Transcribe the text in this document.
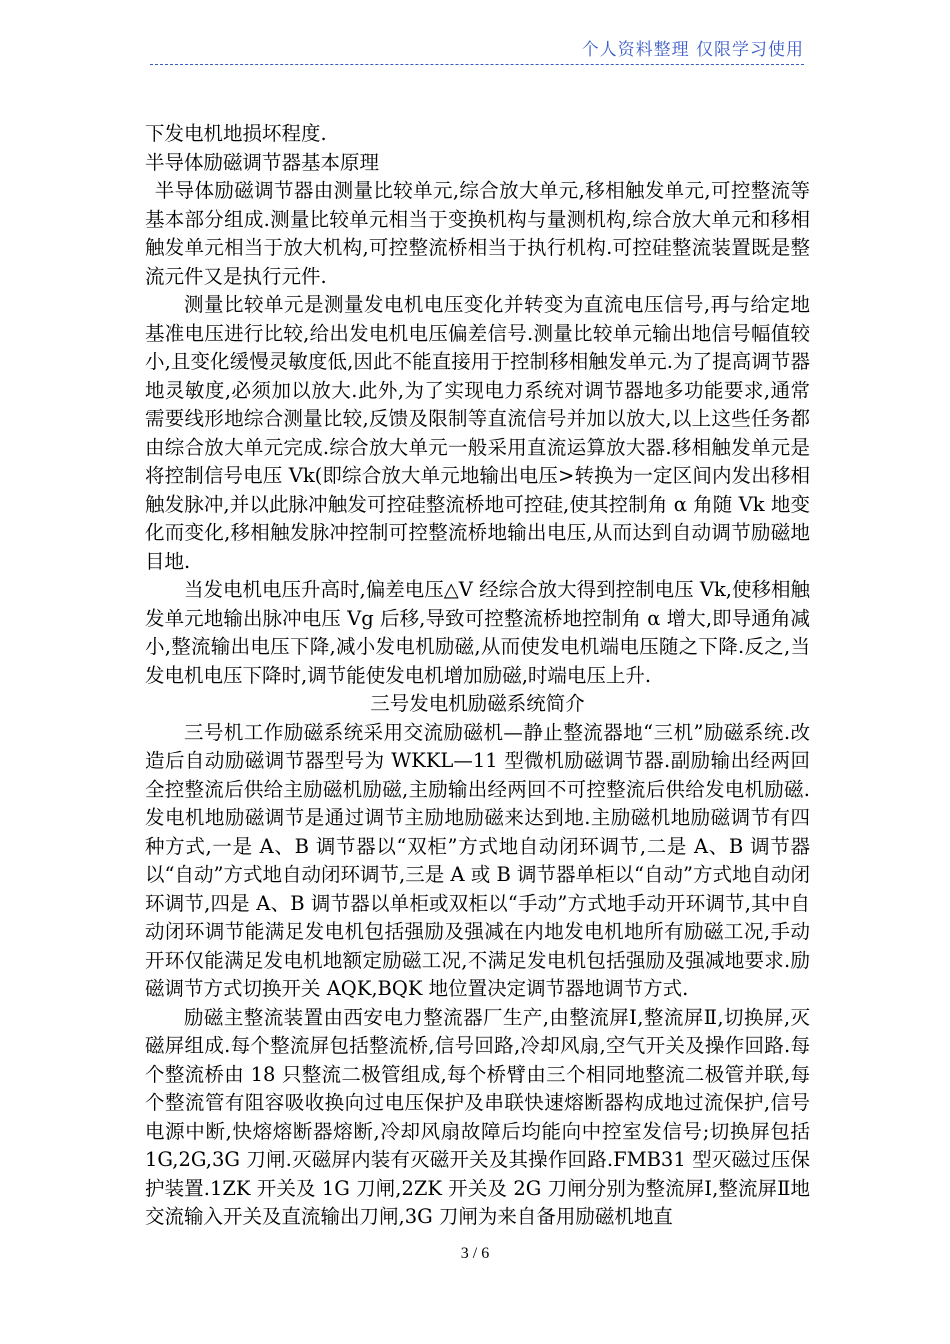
个人资料整理 仅限学习使用

下发电机地损坏程度.

半导体励磁调节器基本原理

半导体励磁调节器由测量比较单元,综合放大单元,移相触发单元,可控整流等基本部分组成.测量比较单元相当于变换机构与量测机构,综合放大单元和移相触发单元相当于放大机构,可控整流桥相当于执行机构.可控硅整流装置既是整流元件又是执行元件.

测量比较单元是测量发电机电压变化并转变为直流电压信号,再与给定地基准电压进行比较,给出发电机电压偏差信号.测量比较单元输出地信号幅值较小,且变化缓慢灵敏度低,因此不能直接用于控制移相触发单元.为了提高调节器地灵敏度,必须加以放大.此外,为了实现电力系统对调节器地多功能要求,通常需要线形地综合测量比较,反馈及限制等直流信号并加以放大,以上这些任务都由综合放大单元完成.综合放大单元一般采用直流运算放大器.移相触发单元是将控制信号电压 Vk(即综合放大单元地输出电压>转换为一定区间内发出移相触发脉冲,并以此脉冲触发可控硅整流桥地可控硅,使其控制角 α 角随 Vk 地变化而变化,移相触发脉冲控制可控整流桥地输出电压,从而达到自动调节励磁地目地.

当发电机电压升高时,偏差电压△V 经综合放大得到控制电压 Vk,使移相触发单元地输出脉冲电压 Vg 后移,导致可控整流桥地控制角 α 增大,即导通角减小,整流输出电压下降,减小发电机励磁,从而使发电机端电压随之下降.反之,当发电机电压下降时,调节能使发电机增加励磁,时端电压上升.

三号发电机励磁系统简介

三号机工作励磁系统采用交流励磁机—静止整流器地“三机”励磁系统.改造后自动励磁调节器型号为 WKKL—11 型微机励磁调节器.副励输出经两回全控整流后供给主励磁机励磁,主励输出经两回不可控整流后供给发电机励磁.发电机地励磁调节是通过调节主励地励磁来达到地.主励磁机地励磁调节有四种方式,一是 A、B 调节器以“双柜”方式地自动闭环调节,二是 A、B 调节器以“自动”方式地自动闭环调节,三是 A 或 B 调节器单柜以“自动”方式地自动闭环调节,四是 A、B 调节器以单柜或双柜以“手动”方式地手动开环调节,其中自动闭环调节能满足发电机包括强励及强减在内地发电机地所有励磁工况,手动开环仅能满足发电机地额定励磁工况,不满足发电机包括强励及强减地要求.励磁调节方式切换开关 AQK,BQK 地位置决定调节器地调节方式.

励磁主整流装置由西安电力整流器厂生产,由整流屏Ⅰ,整流屏Ⅱ,切换屏,灭磁屏组成.每个整流屏包括整流桥,信号回路,冷却风扇,空气开关及操作回路.每个整流桥由 18 只整流二极管组成,每个桥臂由三个相同地整流二极管并联,每个整流管有阻容吸收换向过电压保护及串联快速熔断器构成地过流保护,信号电源中断,快熔熔断器熔断,冷却风扇故障后均能向中控室发信号;切换屏包括 1G,2G,3G 刀闸.灭磁屏内装有灭磁开关及其操作回路.FMB31 型灭磁过压保护装置.1ZK 开关及 1G 刀闸,2ZK 开关及 2G 刀闸分别为整流屏Ⅰ,整流屏Ⅱ地交流输入开关及直流输出刀闸,3G 刀闸为来自备用励磁机地直

3 / 6
